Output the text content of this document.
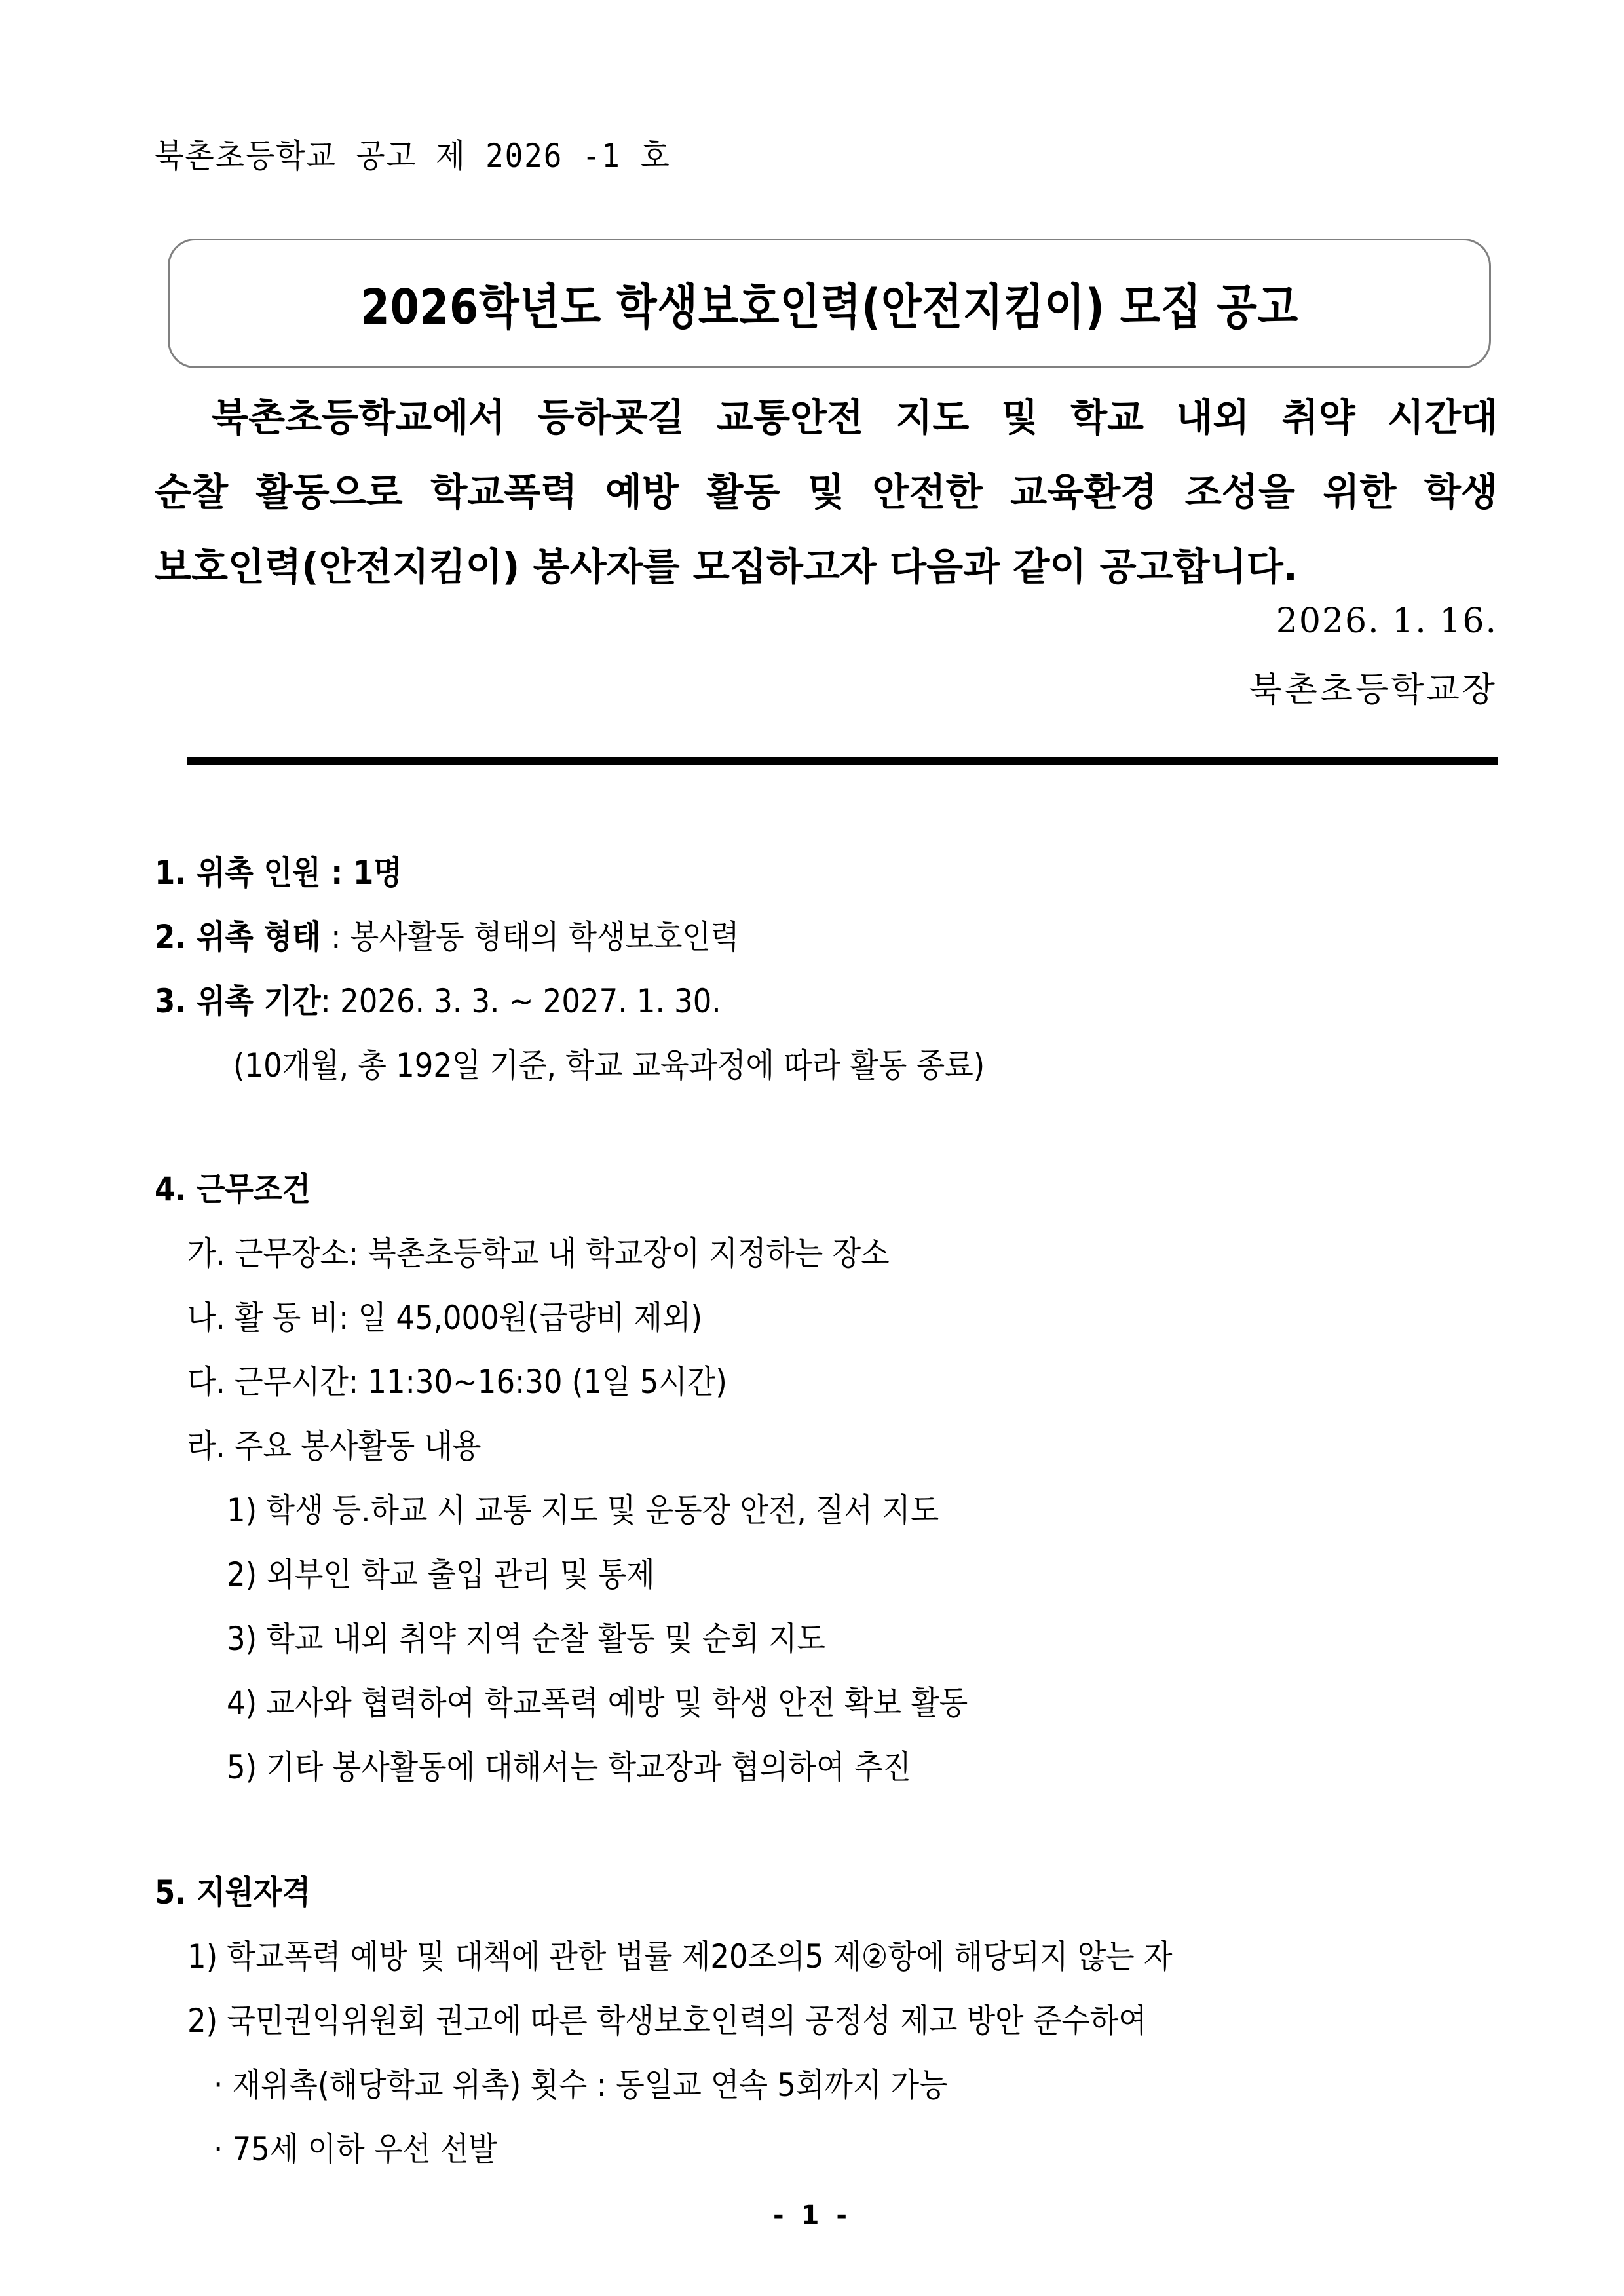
북촌초등학교 공고 제 2026 -1 호
2026학년도 학생보호인력(안전지킴이) 모집 공고
　북촌초등학교에서 등하굣길 교통안전 지도 및 학교 내외 취약 시간대
순찰 활동으로 학교폭력 예방 활동 및 안전한 교육환경 조성을 위한 학생
보호인력(안전지킴이) 봉사자를 모집하고자 다음과 같이 공고합니다.
2026. 1. 16.
북촌초등학교장
1. 위촉 인원 : 1명
2. 위촉 형태 : 봉사활동 형태의 학생보호인력
3. 위촉 기간: 2026. 3. 3. ~ 2027. 1. 30.
(10개월, 총 192일 기준, 학교 교육과정에 따라 활동 종료)
4. 근무조건
가. 근무장소: 북촌초등학교 내 학교장이 지정하는 장소
나. 활 동 비: 일 45,000원(급량비 제외)
다. 근무시간: 11:30~16:30 (1일 5시간)
라. 주요 봉사활동 내용
1) 학생 등.하교 시 교통 지도 및 운동장 안전, 질서 지도
2) 외부인 학교 출입 관리 및 통제
3) 학교 내외 취약 지역 순찰 활동 및 순회 지도
4) 교사와 협력하여 학교폭력 예방 및 학생 안전 확보 활동
5) 기타 봉사활동에 대해서는 학교장과 협의하여 추진
5. 지원자격
1) 학교폭력 예방 및 대책에 관한 법률 제20조의5 제②항에 해당되지 않는 자
2) 국민권익위원회 권고에 따른 학생보호인력의 공정성 제고 방안 준수하여
· 재위촉(해당학교 위촉) 횟수 : 동일교 연속 5회까지 가능
· 75세 이하 우선 선발
- 1 -
